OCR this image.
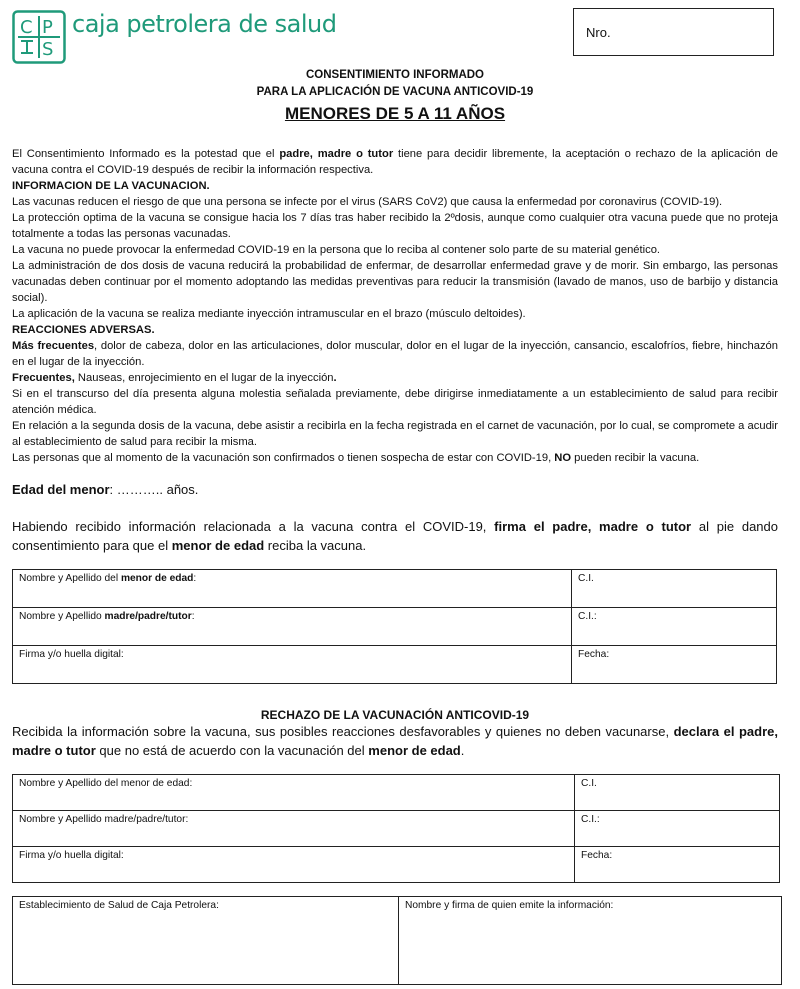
C P
S
caja petrolera de salud	Nro.
CONSENTIMIENTO INFORMADO
PARA LA APLICACIÓN DE VACUNA ANTICOVID-19
MENORES DE 5 A 11 AÑOS

El Consentimiento Informado es la potestad que el padre, madre o tutor tiene para decidir libremente, la aceptación o rechazo de la aplicación de vacuna contra el COVID-19 después de recibir la información respectiva.

INFORMACION DE LA VACUNACION.

Las vacunas reducen el riesgo de que una persona se infecte por el virus (SARS CoV2) que causa la enfermedad por coronavirus (COVID-19).

La protección optima de la vacuna se consigue hacia los 7 días tras haber recibido la 2ºdosis, aunque como cualquier otra vacuna puede que no proteja totalmente a todas las personas vacunadas.

La vacuna no puede provocar la enfermedad COVID-19 en la persona que lo reciba al contener solo parte de su material genético.

La administración de dos dosis de vacuna reducirá la probabilidad de enfermar, de desarrollar enfermedad grave y de morir. Sin embargo, las personas vacunadas deben continuar por el momento adoptando las medidas preventivas para reducir la transmisión (lavado de manos, uso de barbijo y distancia social).

La aplicación de la vacuna se realiza mediante inyección intramuscular en el brazo (músculo deltoides).

REACCIONES ADVERSAS.

Más frecuentes, dolor de cabeza, dolor en las articulaciones, dolor muscular, dolor en el lugar de la inyección, cansancio, escalofríos, fiebre, hinchazón en el lugar de la inyección.

Frecuentes, Nauseas, enrojecimiento en el lugar de la inyección.

Si en el transcurso del día presenta alguna molestia señalada previamente, debe dirigirse inmediatamente a un establecimiento de salud para recibir atención médica.

En relación a la segunda dosis de la vacuna, debe asistir a recibirla en la fecha registrada en el carnet de vacunación, por lo cual, se compromete a acudir al establecimiento de salud para recibir la misma.

Las personas que al momento de la vacunación son confirmados o tienen sospecha de estar con COVID-19, NO pueden recibir la vacuna.

Edad del menor: ……….. años.
Habiendo recibido información relacionada a la vacuna contra el COVID-19, firma el padre, madre o tutor al pie dando consentimiento para que el menor de edad reciba la vacuna.
Nombre y Apellido del menor de edad:	C.I.
Nombre y Apellido madre/padre/tutor:	C.I.:
Firma y/o huella digital:	Fecha:
RECHAZO DE LA VACUNACIÓN ANTICOVID-19
Recibida la información sobre la vacuna, sus posibles reacciones desfavorables y quienes no deben vacunarse, declara el padre, madre o tutor que no está de acuerdo con la vacunación del menor de edad.
Nombre y Apellido del menor de edad:	C.I.
Nombre y Apellido madre/padre/tutor:	C.I.:
Firma y/o huella digital:	Fecha:
Establecimiento de Salud de Caja Petrolera:	Nombre y firma de quien emite la información:
